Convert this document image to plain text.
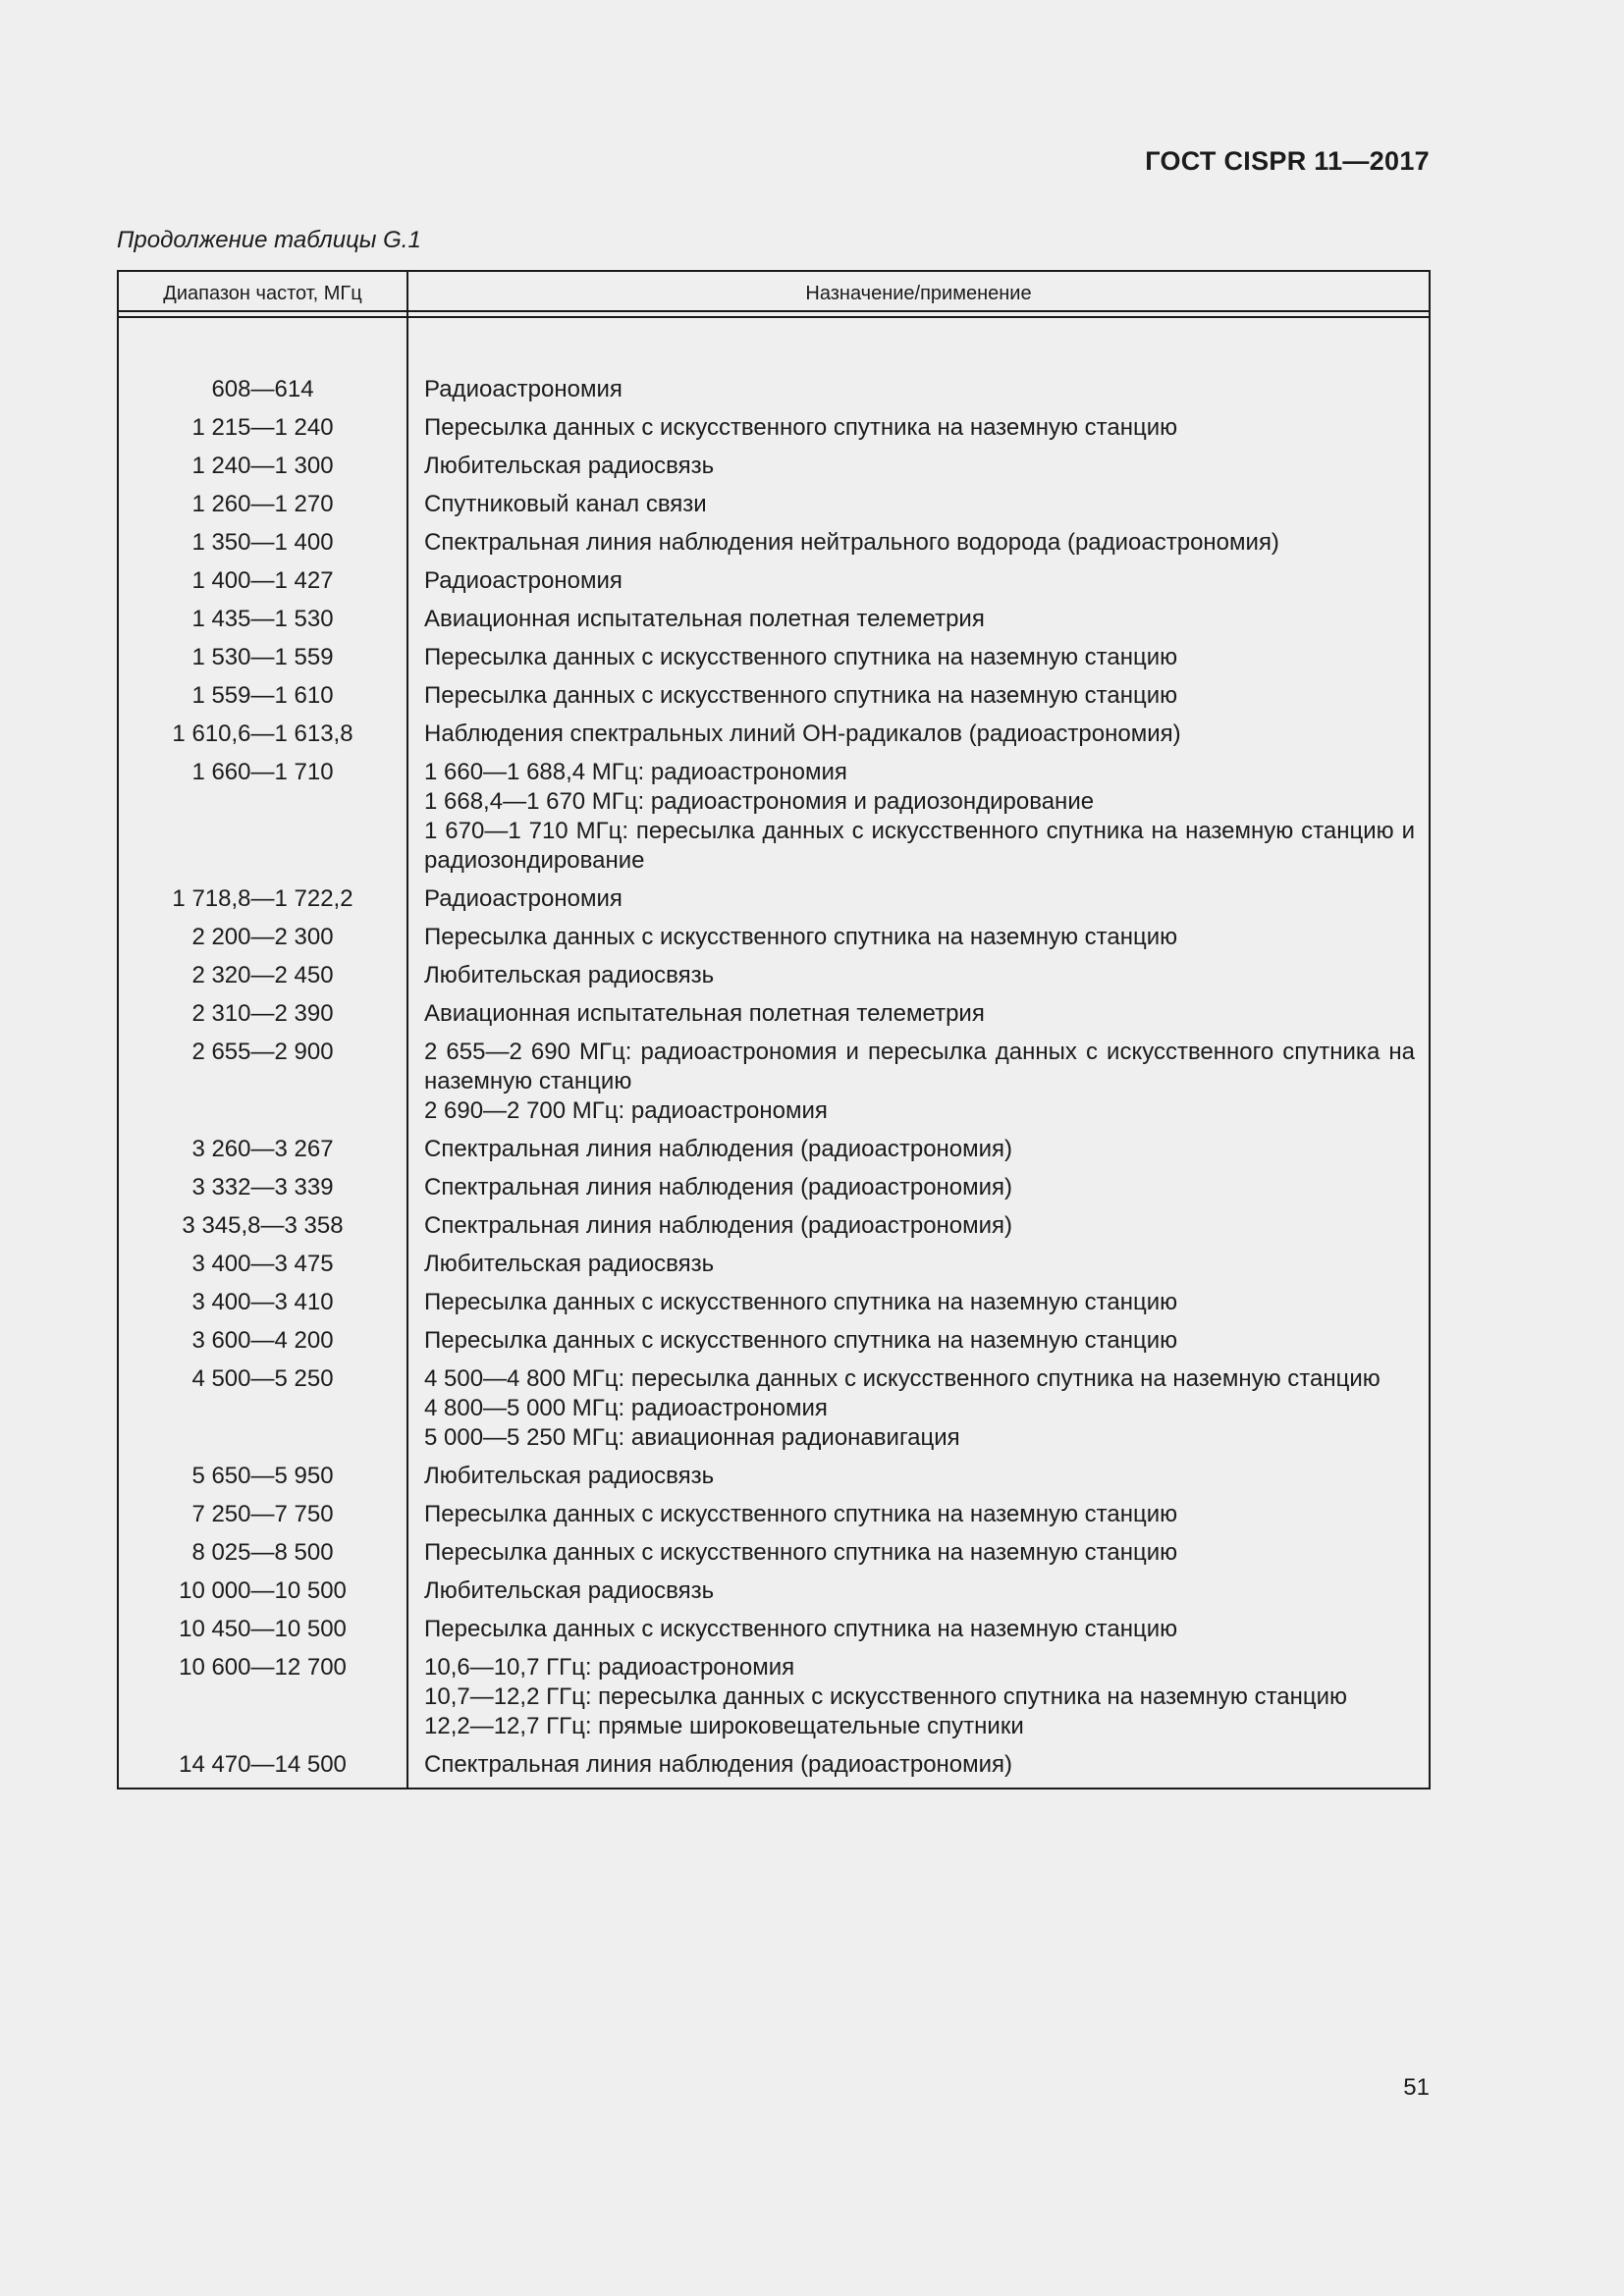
ГОСТ CISPR 11—2017
Продолжение таблицы G.1
Диапазон частот, МГц	Назначение/применение
608—614	Радиоастрономия

1 215—1 240	Пересылка данных с искусственного спутника на наземную станцию

1 240—1 300	Любительская радиосвязь

1 260—1 270	Спутниковый канал связи

1 350—1 400	Спектральная линия наблюдения нейтрального водорода (радиоастрономия)

1 400—1 427	Радиоастрономия

1 435—1 530	Авиационная испытательная полетная телеметрия

1 530—1 559	Пересылка данных с искусственного спутника на наземную станцию

1 559—1 610	Пересылка данных с искусственного спутника на наземную станцию

1 610,6—1 613,8	Наблюдения спектральных линий ОН-радикалов (радиоастрономия)

1 660—1 710	1 660—1 688,4 МГц: радиоастрономия
1 668,4—1 670 МГц: радиоастрономия и радиозондирование
1 670—1 710 МГц: пересылка данных с искусственного спутника на наземную станцию и радиозондирование

1 718,8—1 722,2	Радиоастрономия

2 200—2 300	Пересылка данных с искусственного спутника на наземную станцию

2 320—2 450	Любительская радиосвязь

2 310—2 390	Авиационная испытательная полетная телеметрия

2 655—2 900	2 655—2 690 МГц: радиоастрономия и пересылка данных с искусственного спутника на наземную станцию
2 690—2 700 МГц: радиоастрономия

3 260—3 267	Спектральная линия наблюдения (радиоастрономия)

3 332—3 339	Спектральная линия наблюдения (радиоастрономия)

3 345,8—3 358	Спектральная линия наблюдения (радиоастрономия)

3 400—3 475	Любительская радиосвязь

3 400—3 410	Пересылка данных с искусственного спутника на наземную станцию

3 600—4 200	Пересылка данных с искусственного спутника на наземную станцию

4 500—5 250	4 500—4 800 МГц: пересылка данных с искусственного спутника на наземную станцию
4 800—5 000 МГц: радиоастрономия
5 000—5 250 МГц: авиационная радионавигация

5 650—5 950	Любительская радиосвязь

7 250—7 750	Пересылка данных с искусственного спутника на наземную станцию

8 025—8 500	Пересылка данных с искусственного спутника на наземную станцию

10 000—10 500	Любительская радиосвязь

10 450—10 500	Пересылка данных с искусственного спутника на наземную станцию

10 600—12 700	10,6—10,7 ГГц: радиоастрономия
10,7—12,2 ГГц: пересылка данных с искусственного спутника на наземную станцию
12,2—12,7 ГГц: прямые широковещательные спутники

14 470—14 500	Спектральная линия наблюдения (радиоастрономия)
51
